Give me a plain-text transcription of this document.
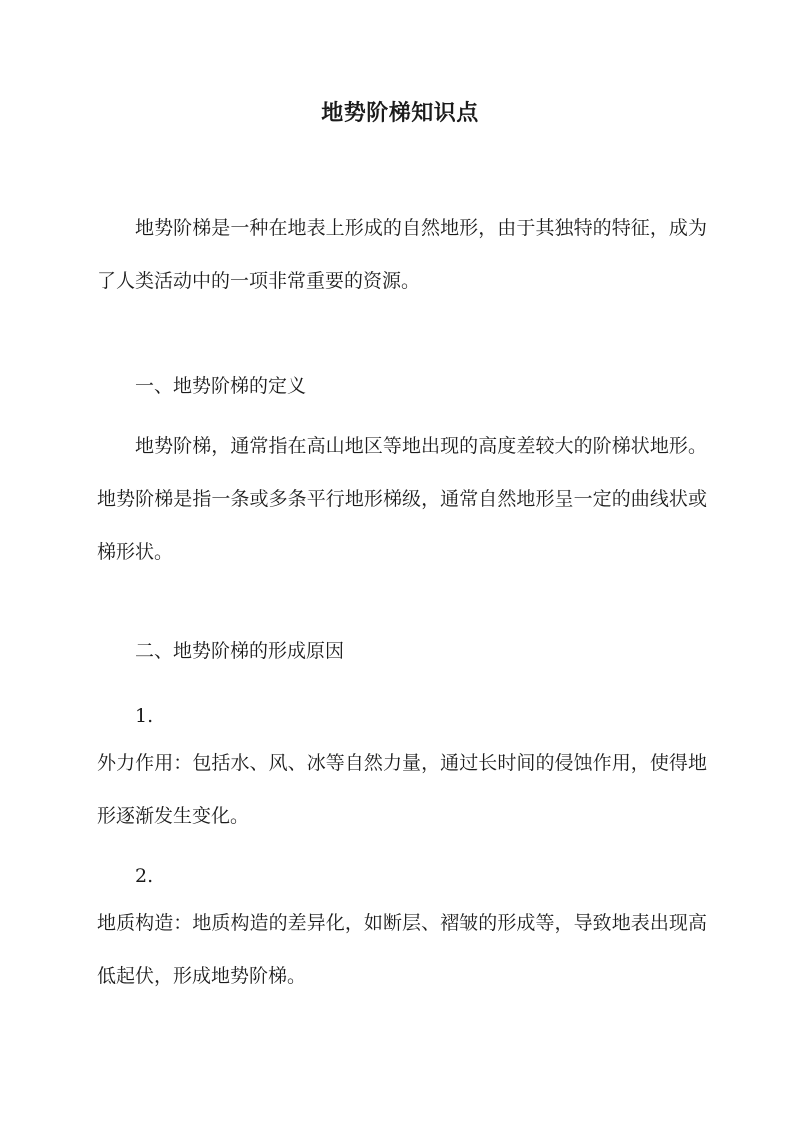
地势阶梯知识点
地势阶梯是一种在地表上形成的自然地形，由于其独特的特征，成为了人类活动中的一项非常重要的资源。
一、地势阶梯的定义
地势阶梯，通常指在高山地区等地出现的高度差较大的阶梯状地形。地势阶梯是指一条或多条平行地形梯级，通常自然地形呈一定的曲线状或梯形状。
二、地势阶梯的形成原因
1.
外力作用：包括水、风、冰等自然力量，通过长时间的侵蚀作用，使得地形逐渐发生变化。
2.
地质构造：地质构造的差异化，如断层、褶皱的形成等，导致地表出现高低起伏，形成地势阶梯。
